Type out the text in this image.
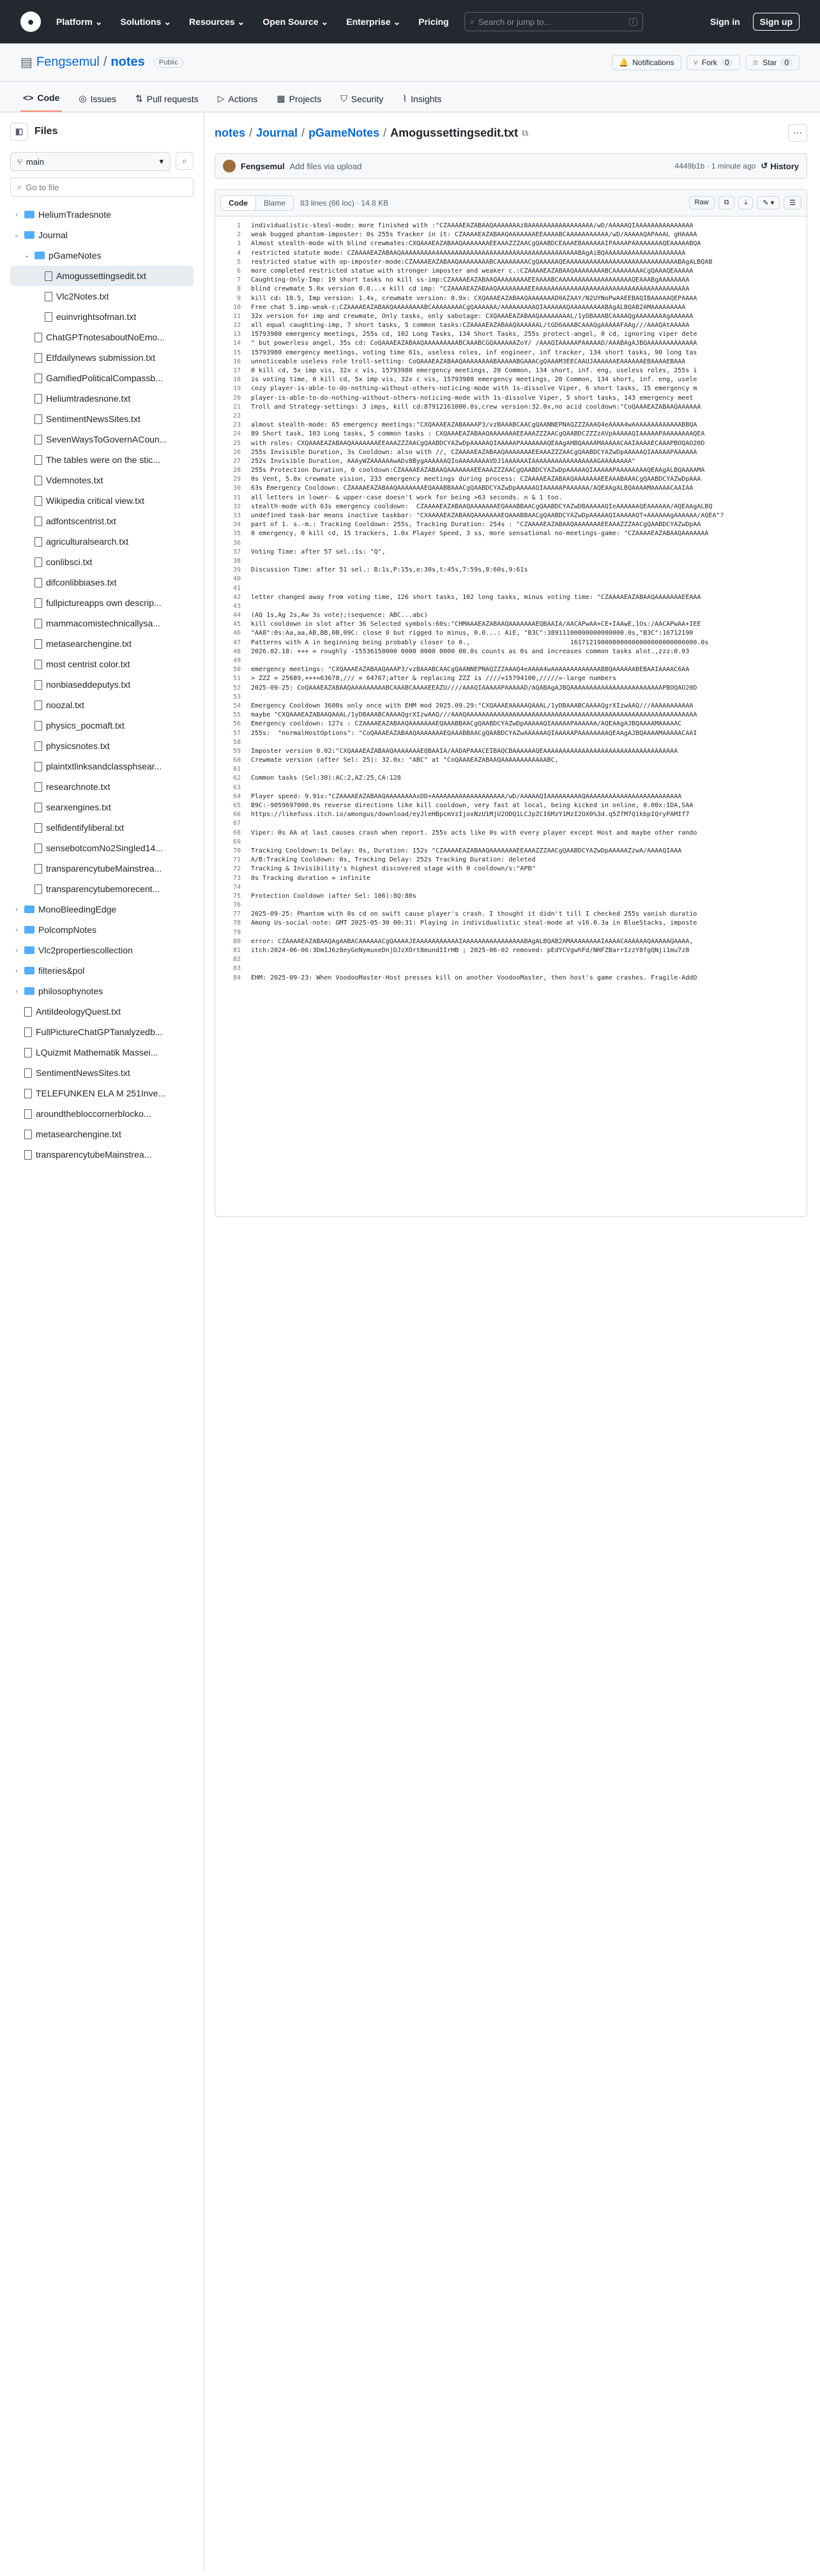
●	Platform ⌄ Solutions ⌄ Resources ⌄ Open Source ⌄ Enterprise ⌄ Pricing	⌕ Search or jump to...	/	Sign in	Sign up
▤ Fengsemul / notes	Public	🔔 Notifications	⑂ Fork	0	☆ Star	0
<> Code ◎ Issues ⇅ Pull requests ▷ Actions ▦ Projects ⛉ Security ⌇ Insights
◧	Files
⑂ main	▾	⌕
⌕ Go to file
›	HeliumTradesnote
⌄ Journal
⌄ pGameNotes
Amogussettingsedit.txt
Vlc2Notes.txt
euinvrightsofman.txt
ChatGPTnotesaboutNoEmo...
Etfdailynews submission.txt
GamifiedPoliticalCompassb...
Heliumtradesnone.txt
SentimentNewsSites.txt
SevenWaysToGovernACoun...
The tables were on the stic...
Vdemnotes.txt
Wikipedia critical view.txt
adfontscentrist.txt
agriculturalsearch.txt
conlibsci.txt
difconlibbiases.txt
fullpictureapps own descrip...
mammacomistechnicallysa...
metasearchengine.txt
most centrist color.txt
nonbiaseddeputys.txt
noozal.txt
physics_pocmaft.txt
physicsnotes.txt
plaintxtlinksandclassphsear...
researchnote.txt
searxengines.txt
selfidentifyliberal.txt
sensebotcomNo2Singled14...
transparencytubeMainstrea...
transparencytubemorecent...
›	MonoBleedingEdge
›	PolcompNotes
›	Vlc2propertiescollection
›	filteries&pol
›	philosophynotes
AntiIdeologyQuest.txt
FullPictureChatGPTanalyzedb...
LQuizmit Mathematik Massei...
SentimentNewsSites.txt
TELEFUNKEN ELA M 251Inve...
aroundthebloccornerblocko...
metasearchengine.txt
transparencytubeMainstrea...
notes / Journal / pGameNotes / Amogussettingsedit.txt ⧉	···
Fengsemul Add files via upload	4449b1b · 1 minute ago ↺ History
Code	Blame	83 lines (66 loc) · 14.8 KB	Raw	⧉	⤓	✎ ▾	☰
1	individualistic-steal-mode: more finished with :"CZAAAAEAZABAAQAAAAAAAzBAAAAAAAAAAAAAAAAA/wD/AAAAAQIAAAAAAAAAAAAAAA
2	weak bugged phantom-imposter: 0s 255s Tracker in it: CZAAAAEAZABAAQAAAAAAAEEAAAABCAAAAAAAAAAA/wD/AAAAAQAPAAAL gHAAAA
3	Almost stealth-mode with blind crewmates:CXQAAAEAZABAAQAAAAAAAEEAAAZZZAACgQAABDCEAAAEBAAAAAAIPAAAAPAAAAAAAAQEAAAAABQA
4	restricted statute mode: CZAAAAEAZABAAQAAAAAAAAA4AAAAAAAAAAAAAAAAAAAAAAAAAAAAAAAAAAAABAgAiBQAAAAAAAAAAAAAAAAAAAAA
5	restricted statue with op-imposter-mode:CZAAAAEAZABAAQAAAAAAAABCAAAAAAAACgQAAAAAQEAAAAAAAAAAAAAAAAAAAAAAAAAAAAABAgALBQAB
6	more completed restricted statue with stronger imposter and weaker c.:CZAAAAEAZABAAQAAAAAAAABCAAAAAAAACgQAAAQEAAAAA
7	Caughting-Only-Imp: 19 short tasks no kill ss-imp:CZAAAAEAZABAAQAAAAAAAAEEAAAABCAAAAAAAAAAAAAAAAAAAQEAAABgAAAAAAAA
8	blind crewmate 5.0x version 0.0...x kill cd imp: "CZAAAAEAZABAAQAAAAAAAAEEAAAAAAAAAAAAAAAAAAAAAAAAAAAAAAAAAAAAAAAA
9	kill cd: 10.5, Imp version: 1.4x, crewmate version: 0.9x: CXQAAAEAZABAAQAAAAAAAD0AZAAY/N2UYNoPwAAEEBAQIBAAAAAQEPAAAA
10	Free chat 5.imp-weak-c:CZAAAAEAZABAAQAAAAAAAABCAAAAAAAACgQAAAAAA/AAAAAAAAAQIAAAAAAQAAAAAAAAABAgALBQAB2AMAAAAAAAAA
11	32x version for imp and crewmate, Only tasks, only sabotage: CXQAAAEAZABAAQAAAAAAAAL/1yDBAAABCAAAAQgAAAAAAAAgAAAAAA
12	all equal caughting-imp, 7 short tasks, 5 common tasks:CZAAAAEAZABAAQAAAAAAL/tGD6AAABCAAAQgAAAAAFAAg///AAAQAtAAAAA
13	15793980 emergency meetings, 255s cd, 102 Long Tasks, 134 Short Tasks, 255s protect-angel, 0 cd, ignoring viper dete
14	" but powerless angel, 35s cd: CoQAAAEAZABAAQAAAAAAAAABCAAABCGQAAAAAAZoY/ /AAAQIAAAAAPAAAAAD/AAABAgAJBQAAAAAAAAAAAAA
15	15793980 emergency meetings, voting time 61s, useless roles, inf engineer, inf tracker, 134 short tasks, 90 long tas
16	unnoticeable useless role troll-setting: CoQAAAEAZABAAQAAAAAAAABAAAAABGAAACgQAAAM3EECAAUJAAAAAAEAAAAAAEBAAAAEBAAA
17	0 kill cd, 5x imp vis, 32x c vis, 15793980 emergency meetings, 20 Common, 134 short, inf. eng, useless roles, 255s i
18	is voting time, 0 kill cd, 5x imp vis, 32x c vis, 15793980 emergency meetings, 20 Common, 134 short, inf. eng, usele
19	cozy player-is-able-to-do-nothing-without-others-noticing-mode with 1s-dissolve Viper, 6 short tasks, 15 emergency m
20	player-is-able-to-do-nothing-without-others-noticing-mode with 1s-dissolve Viper, 5 short tasks, 143 emergency meet
21	Troll and Strategy-settings: 3 imps, kill cd:87912161000.0s,crew version:32.0x,no acid cooldown:"CoQAAAEAZABAAQAAAAAA
22
23	almost stealth-mode: 65 emergency meetings:"CXQAAAEAZABAAAAP3/vzBAAABCAACgQAANNEPNAQZZZAAAQ4eAAAA4wAAAAAAAAAAAAABBQA
24	89 Short task, 103 Long tasks, 5 common tasks : CXQAAAEAZABAAQAAAAAAAEEAAAZZZAACgQAABDCZZZzAVpAAAAAQIAAAAAPAAAAAAAAQEA
25	with roles: CXQAAAEAZABAAQAAAAAAAEEAAAZZZAACgQAABDCYAZwDpAAAAAQIAAAAAPAAAAAAAQEAAgAHBQAAAAMAAAAACAAIAAAAECAAAPBOQAO20D
26	255s Invisible Duration, 3s Cooldown: also with //, CZAAAAEAZABAAQAAAAAAAEEAAAZZZAACgQAABDCYAZwDpAAAAAQIAAAAAPAAAAAA
27	252s Invisible Duration, AAAyWZAAAAAAwADv8BygAAAAAAQIoAAAAAAAAVDJ1AAAAAAIAAAAAAAAAAAAAAAAAGAAAAAAAA"
28	255s Protection Duration, 0 cooldown:CZAAAAEAZABAAQAAAAAAAEEAAAZZZAACgQAABDCYAZwDpAAAAAQIAAAAAPAAAAAAAAQEAAgALBQAAAAMA
29	0s Vent, 5.0x crewmate vision, 233 emergency meetings during process: CZAAAAEAZABAAQAAAAAAAEEAAABAAACgQAABDCYAZwDpAAA
30	63s Emergency Cooldown: CZAAAAEAZABAAQAAAAAAAEQAAABBAAACgQAABDCYAZwDpAAAAAQIAAAAAPAAAAAA/AQEAAgALBQAAAAMAAAAACAAIAA
31	all letters in lower- & upper-case doesn't work for being >63 seconds. n & 1 too.
32	stealth-mode with 63s emergency cooldown:  CZAAAAEAZABAAQAAAAAAAEQAAABBAACgQAABDCYAZwDBAAAAAQIeAAAAAAQEAAAAAA/AQEAAgALBQ
33	undefined task-bar means inactive taskbar: "CXAAAAEAZABAAQAAAAAAAEQAAABBAACgQAABDCYAZwDpAAAAAQIAAAAAQT+AAAAAAgAAAAAA/AQEA"?
34	part of 1. s.-m.: Tracking Cooldown: 255s, Tracking Duration: 254s : "CZAAAAEAZABAAQAAAAAAAEEAAAZZZAACgQAABDCYAZwDpAA
35	0 emergency, 0 kill cd, 15 trackers, 1.0x Player Speed, 3 ss, more sensational no-meetings-game: "CZAAAAEAZABAAQAAAAAAA
36
37	Voting Time: after 57 sel.:1s: "Q",
38
39	Discussion Time: after 51 sel.: B:1s,P:15s,e:30s,t:45s,7:59s,8:60s,9:61s
40
41
42	letter changed away from voting time, 126 short tasks, 102 long tasks, minus voting time: "CZAAAAEAZABAAQAAAAAAAEEAAA
43
44	(AQ 1s,Ag 2s,Aw 3s vote);(sequence: ABC...abc)
45	kill cooldown in slot after 36 Selected symbols:60s:"CHMAAAEAZABAAQAAAAAAAEQBAAIA/AACAPwAA+CE+IAAwE,1Os:/AACAPwAA+IEE
46	"AA8":0s:Aa,aa,AB,BB,0B,09C: close 0 but rigged to minus, 0.0...: AiE, "B3C":38911100000000000000.0s,"B3C":16712190
47	Patterns with A in beginning being probably closer to 0.,                          161712190000000000000000000000000.0s
48	2026.02.18: +++ = roughly -15536150000 0000 0000 0000 00.0s counts as 0s and increases common tasks alot.,zzz:0.03
49
50	emergency meetings: "CXQAAAEAZABAAQAAAP3/vzBAAABCAACgQAANNEPNAQZZZAAAQ4eAAAA4wAAAAAAAAAAAAABBQAAAAAABEBAAIAAAAC6AA
51	> ZZZ = 25689,+++=63678,/// = 64767;after & replacing ZZZ is ////=15794100,/////=-large numbers
52	2025-09-25: CoQAAAEAZABAAQAAAAAAAAABCAAABCAAAAEEAZU////AAAQIAAAAAPAAAAAD/AQABAgAJBQAAAAAAAAAAAAAAAAAAAAAAAAPBOQAO20D
53
54	Emergency Cooldown 3600s only once with EHM mod 2025.09.29:"CXQAAAEAAAAAQAAAL/1yDBAAABCAAAAQgrXIzwAAQ///AAAAAAAAAAA
55	maybe "CXQAAAEAZABAAQAAAL/1yDBAAABCAAAAQgrXIzwAAQ///AAAQAAAAAAAAAAAAAAAAAAAAAAAAAAAAAAAAAAAAAAAAAAAAAAAAAAAAAAAAAAAA
56	Emergency cooldown: 127s : CZAAAAEAZABAAQAAAAAAAEQAAABBAACgQAABDCYAZwDpAAAAAQIAAAAAPAAAAAA/AQEAAgAJBQAAAAMAAAAAC
57	255s:  "normalHostOptions": "CoQAAAEAZABAAQAAAAAAAEQAAABBAACgQAABDCYAZwAAAAAAQIAAAAAPAAAAAAAAQEAAgAJBQAAAAMAAAAACAAI
58
59	Imposter version 0.02:"CXQAAAEAZABAAQAAAAAAAEQBAAIA/AADAPAAACEIBAQCBAAAAAAQEAAAAAAAAAAAAAAAAAAAAAAAAAAAAAAAAAAA
60	Crewmate version (after Sel: 25): 32.0x: "ABC" at "CoQAAAEAZABAAQAAAAAAAAAAAABC,
61
62	Common tasks (Sel:30):AC:2,AZ:25,CA:128
63
64	Player speed: 9.91x:"CZAAAAEAZABAAQAAAAAAAAxDD+AAAAAAAAAAAAAAAAAAA/wD/AAAAAQIAAAAAAAAAQAAAAAAAAAAAAAAAAAAAAAAAAA
65	B9C:-9059697000.0s reverse directions like kill cooldown, very fast at local, being kicked in online, 0.00x:IDA,SAA
66	https://likefuss.itch.io/amongus/download/eyJleHBpcmVzIjoxNzU1MjU2ODQ1LCJpZCI6MzY1MzI2OX0%3d.q5ZfM7Q1kbpIQryPAMIf7
67
68	Viper: 0s AA at last causes crash when report. 255s acts like 0s with every player except Host and maybe other rando
69
70	Tracking Cooldown:1s Delay: 0s, Duration: 152s "CZAAAAEAZABAAQAAAAAAAEEAAAZZZAACgQAABDCYAZwDpAAAAAZzwA/AAAAQIAAA
71	A/B:Tracking Cooldown: 0s, Tracking Delay: 252s Tracking Duration: deleted
72	Tracking & Invisibility's highest discovered stage with 0 cooldown/s:"APB"
73	0s Tracking duration = infinite
74
75	Protection Cooldown (after Sel: 106):8Q:80s
76
77	2025-09-25: Phantom with 0s cd on swift cause player's crash. I thought it didn't till I checked 255s vanish duratio
78	Among Us-social-note: GMT 2025-05-30 00:31: Playing in individualistic steal-mode at v16.0.3a in BlueStacks, imposte
79
80	error: CZAAAAEAZABAAQAgAABACAAAAAACgQAAAAJEAAAAAAAAAAAIAAAAAAAAAAAAAAAABAgALBQAB2AMAAAAAAAAIAAAACAAAAAAQAAAAAQAAAA,
81	itch:2024-06-06:3Dm1J6z8eyGeNymuxeDnjDJzXOrt8mundIIrHB ; 2025-06-02 removed: pEdYCVgwhFd/NHFZBarrIzzY8fgQNji1mu7z8
82
83
84	EHM: 2025-09-23: When VoodooMaster-Host presses kill on another VoodooMaster, then host's game crashes. Fragile-AddO
